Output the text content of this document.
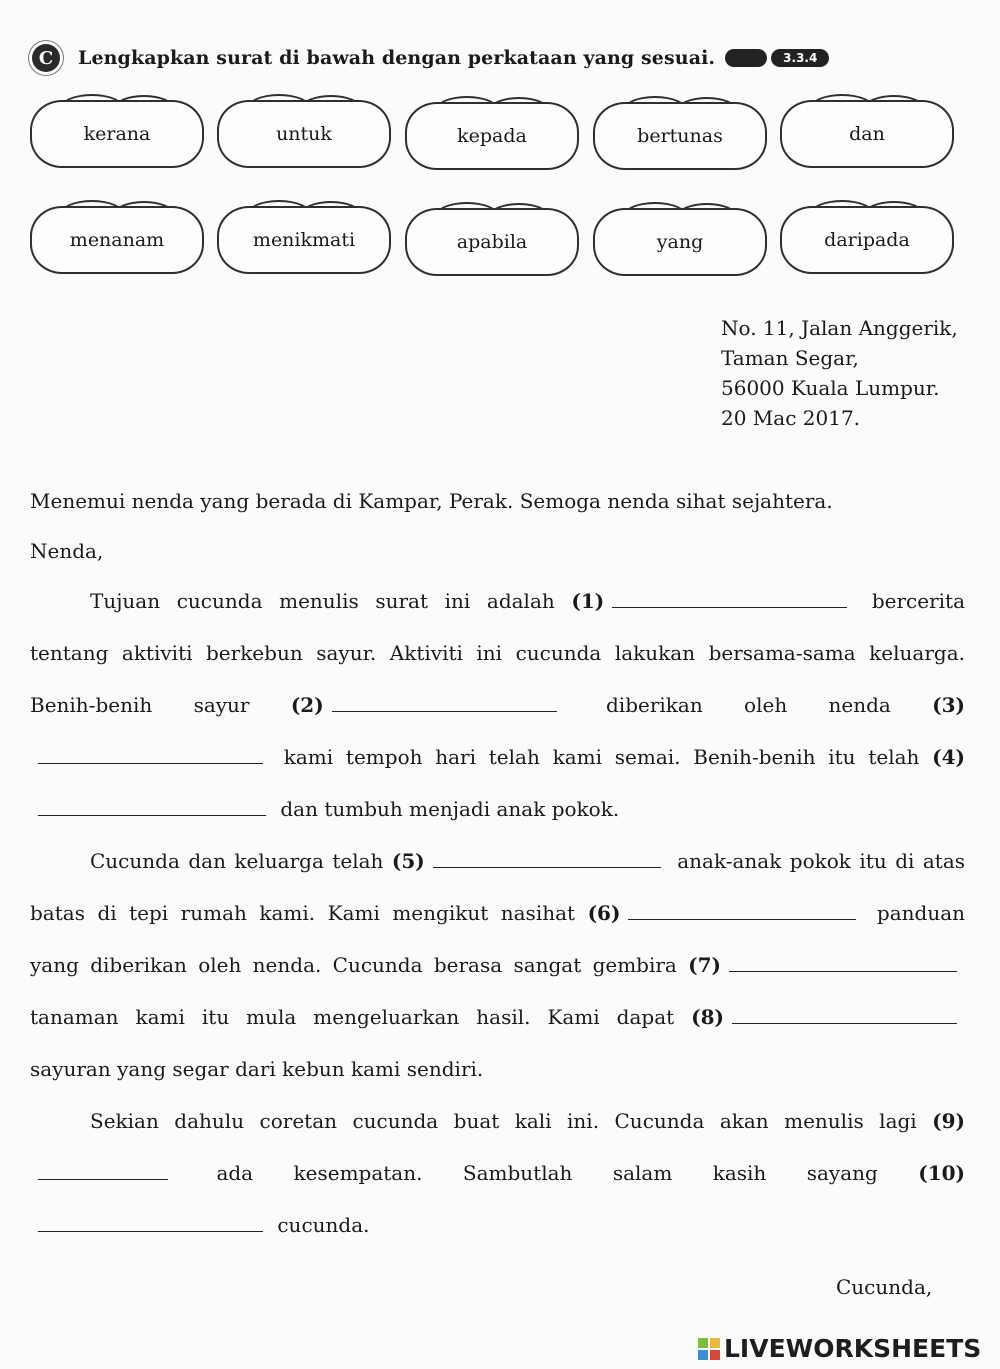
C	Lengkapkan surat di bawah dengan perkataan yang sesuai.	3.3.4
kerana	untuk	kepada	bertunas	dan
menanam	menikmati	apabila	yang	daripada
No. 11, Jalan Anggerik,
Taman Segar,
56000 Kuala Lumpur.
20 Mac 2017.
Menemui nenda yang berada di Kampar, Perak. Semoga nenda sihat sejahtera.
Nenda,
Tujuan cucunda menulis surat ini adalah (1)	bercerita tentang aktiviti berkebun sayur. Aktiviti ini cucunda lakukan bersama-sama keluarga. Benih-benih sayur (2)	diberikan oleh nenda (3) kami tempoh hari telah kami semai. Benih-benih itu telah (4) dan tumbuh menjadi anak pokok.
Cucunda dan keluarga telah (5)	anak-anak pokok itu di atas batas di tepi rumah kami. Kami mengikut nasihat (6)	panduan yang diberikan oleh nenda. Cucunda berasa sangat gembira (7) tanaman kami itu mula mengeluarkan hasil. Kami dapat (8) sayuran yang segar dari kebun kami sendiri.
Sekian dahulu coretan cucunda buat kali ini. Cucunda akan menulis lagi (9) ada kesempatan. Sambutlah salam kasih sayang (10) cucunda.
Cucunda,
LIVEWORKSHEETS
